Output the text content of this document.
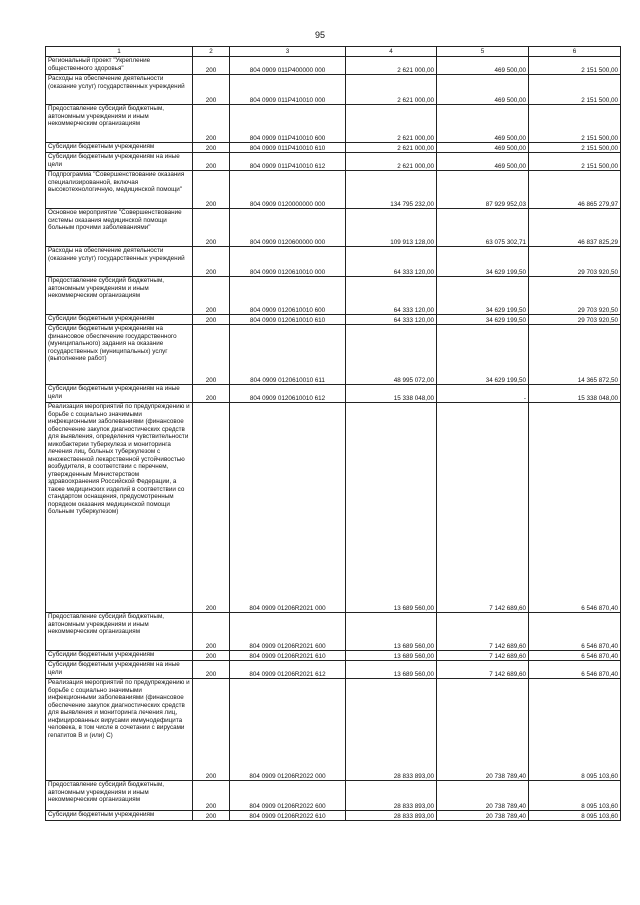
95
1	2	3	4	5	6
Региональный проект "Укрепление общественного здоровья"	200	804 0909 011P400000 000	2 621 000,00	469 500,00	2 151 500,00
Расходы на обеспечение деятельности (оказание услуг) государственных учреждений	200	804 0909 011P410010 000	2 621 000,00	469 500,00	2 151 500,00
Предоставление субсидий бюджетным, автономным учреждениям и иным некоммерческим организациям	200	804 0909 011P410010 600	2 621 000,00	469 500,00	2 151 500,00
Субсидии бюджетным учреждениям	200	804 0909 011P410010 610	2 621 000,00	469 500,00	2 151 500,00
Субсидии бюджетным учреждениям на иные цели	200	804 0909 011P410010 612	2 621 000,00	469 500,00	2 151 500,00
Подпрограмма "Совершенствование оказания специализированной, включая высокотехнологичную, медицинской помощи"	200	804 0909 0120000000 000	134 795 232,00	87 929 952,03	46 865 279,97
Основное мероприятие "Совершенствование системы оказания медицинской помощи больным прочими заболеваниями"	200	804 0909 0120600000 000	109 913 128,00	63 075 302,71	46 837 825,29
Расходы на обеспечение деятельности (оказание услуг) государственных учреждений	200	804 0909 0120610010 000	64 333 120,00	34 629 199,50	29 703 920,50
Предоставление субсидий бюджетным, автономным учреждениям и иным некоммерческим организациям	200	804 0909 0120610010 600	64 333 120,00	34 629 199,50	29 703 920,50
Субсидии бюджетным учреждениям	200	804 0909 0120610010 610	64 333 120,00	34 629 199,50	29 703 920,50
Субсидии бюджетным учреждениям на финансовое обеспечение государственного (муниципального) задания на оказание государственных (муниципальных) услуг (выполнение работ)	200	804 0909 0120610010 611	48 995 072,00	34 629 199,50	14 365 872,50
Субсидии бюджетным учреждениям на иные цели	200	804 0909 0120610010 612	15 338 048,00	-	15 338 048,00
Реализация мероприятий по предупреждению и борьбе с социально значимыми инфекционными заболеваниями (финансовое обеспечение закупок диагностических средств для выявления, определения чувствительности микобактерии туберкулеза и мониторинга лечения лиц, больных туберкулезом с множественной лекарственной устойчивостью возбудителя, в соответствии с перечнем, утвержденным Министерством здравоохранения Российской Федерации, а также медицинских изделий в соответствии со стандартом оснащения, предусмотренным порядком оказания медицинской помощи больным туберкулезом)	200	804 0909 01206R2021 000	13 689 560,00	7 142 689,60	6 546 870,40
Предоставление субсидий бюджетным, автономным учреждениям и иным некоммерческим организациям	200	804 0909 01206R2021 600	13 689 560,00	7 142 689,60	6 546 870,40
Субсидии бюджетным учреждениям	200	804 0909 01206R2021 610	13 689 560,00	7 142 689,60	6 546 870,40
Субсидии бюджетным учреждениям на иные цели	200	804 0909 01206R2021 612	13 689 560,00	7 142 689,60	6 546 870,40
Реализация мероприятий по предупреждению и борьбе с социально значимыми инфекционными заболеваниями (финансовое обеспечение закупок диагностических средств для выявления и мониторинга лечения лиц, инфицированных вирусами иммунодефицита человека, в том числе в сочетании с вирусами гепатитов В и (или) С)	200	804 0909 01206R2022 000	28 833 893,00	20 738 789,40	8 095 103,60
Предоставление субсидий бюджетным, автономным учреждениям и иным некоммерческим организациям	200	804 0909 01206R2022 600	28 833 893,00	20 738 789,40	8 095 103,60
Субсидии бюджетным учреждениям	200	804 0909 01206R2022 610	28 833 893,00	20 738 789,40	8 095 103,60
